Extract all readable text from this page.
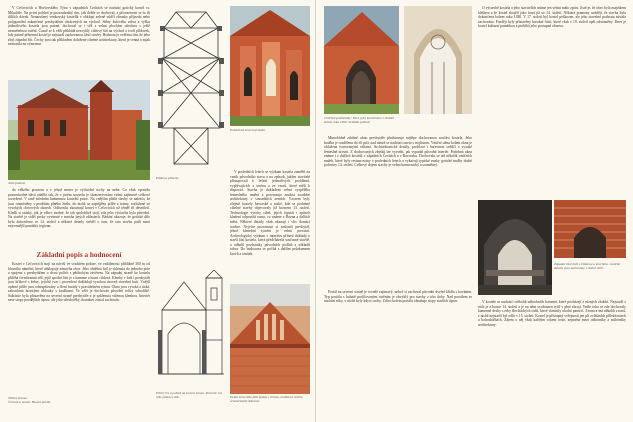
V Čečovicích u Horšovského Týna v západních Čechách se nachází gotický kostel sv. Mikuláše. Na první pohled je pozoruhodný tím, jak dobře se dochoval, a přirozenosti se tu tři dílčích dávek. Nenarušený venkovský kostelík v obklopí zeleně vůdčí obrazky příjezdu nebo polygonální zakončené presbytářem obrácených na východ. Stěny žulového zdiva a výšku jednotlivého kostela jsou patrné, dochoval se i věž s velmi plochým střechou s ještě nezměněnou ostění. Časně se k věži přikládá nezvyklý cihlový štít na východ a tvoří přídavek, kdy patrně přízemní kostel je nejstarší zachovanou částí stavby. Hodnota je ověřena tím, že jeho zbyl západní štít. Čechy jsou tak příkladem doložené cihelné architektury, která je cenná a nijak neztratila na významu.

Jižní pohled.

do velkého prostoru a v jehož mezer je východní sochy na nebe. Co však opravdu pozoruhodné dává zdařila tak, že v jiném sousedu je skonzervováno velmi zajímavé celkové rozvržení. V raně středním kamennou kostelní práce. Na vnějším plášti stavby se nalezlo, že jsou rozmístěny s použitím plného žezlu, do nichž se zapuštěny pilíře a trámy, rozložené ve vysokých chórových oknech. Odborníci zkoumají kostel v Čečovicích už téměř tři desetiletí. Kladli si otázky, jak je vůbec možné, že tak spolehlivě stojí, zda jeho výstavba byla původní. Na stavbě je vidět prvky vyvinuté v mnoha jiných oblastech. Bádání ukazuje, že gotické dílo bylo dokončeno ve 14. století a některé detaily svědčí o tom, že tato stavba patří mezi nejcennější památky regionu.

Základní popis a hodnocení

Kostel v Čečovicích stojí na návrší ve svažitém poloze, ve vzdálenosti přibližně 300 m od hlavního náměstí, které obklopuje zástavba obce. Jeho obdélná loď je sklenuta do jednoho pole a spojena s presbytářem o dvou polích s pětibokým závěrem. Na západní straně ke kostelu přiléhá čtverhranná věž, jejíž spodní část je z kamene a horní cihlová. Klenby v lodi i presbytáři jsou křížové s žebry, jejichž tvar i provedení dokládají vysokou úroveň stavební huti. Vnější opěrné pilíře jsou odstupňovány a člení fasády v pravidelném rytmu. Okna jsou vysoká a úzká, zakončená hrotitými oblouky s kružbami. Ve věži je dochován původní točitý schodiště. Sakristie byla přistavěna na severní straně presbytáře a je zaklenuta valenou klenbou. Interiér nese stopy pozdějších úprav, ale jeho středověký charakter zůstal zachován.

Titulní strana:
Čečovice, kostel. Hlavní portál.
Půdorys přízemí.
Pohled od severovýchodu.

V posledních letech se výzkum kostela zaměřil na vznik původního stavu a na způsob, jakým stavitelé přistupovali k řešení jednotlivých problémů, vyplývajících z terénu a ze vzorů, které měli k dispozici. Stavba je dokladem velmi vyspělého řemeslného umění a prozrazuje znalost soudobé architektury v sousedních zemích. Vzorem byly zřejmě kostely bavorské a saské, kde se podobné cihelné stavby objevovaly již koncem 13. století. Technologie výroby cihel, jejich formát i způsob kladení odpovídá tomu, co známe z Řezna a dalších měst. Některé detaily však ukazují i vliv domácí tradice. Nejvíce pozornosti si zaslouží presbytář, jehož klenební systém je velmi precizní. Archeologický výzkum v interiéru přinesl doklady o starší fázi kostela, která předcházela současné stavbě, a odhalil pozůstatky původních podlah a základů zdiva. Do budoucna se počítá s dalším průzkumem krovů a omítek.

Příčný řez a pohled na severní stranu. Pod ním: řez věží, půdorys věže.	Detail hrotu štítu jižní fasády s římsou, kružbou a vnitřní ornamentální dekorací.
Chórové pozůstatky: štít a jeho konstrukce z období kolem roku 1300. Zvláštní pohled.

Mimořádně zdobné okno presbytáře představuje nejlépe dochovanou součást kostela. Jeho kružba je rozdělena do tří polí, nad nimiž se nachází rozeta s trojlistem. Vnitřní stěna kolem okna je obložena tvarovanými cihlami. Architektonické detaily, profilace i barevnost svědčí o vysoké řemeslné úrovni. Z dochovaných zbytků lze vyvodit, jak vypadal původní interiér. Podobná okna známe i z dalších kostelů v západních Čechách a v Bavorsku. Dochovalo se též několik vnitřních maleb, které byly restaurovány v posledních letech a vykazují typické znaky gotické malby druhé poloviny 14. století. Celkový dojem stavby je velmi harmonický a souměrný.

Portál na severní straně je rovněž zajímavý, neboť si zachoval původní dveřní křídla s kováním. Typ portálu s bohatě profilovaným ostěním je obvyklý pro stavby z této doby. Nad portálem se nachází niky, v nichž byly kdysi sochy. Zdivo kolem portálu obsahuje stopy starších úprav.

O výstavbě kostela a jeho stavitelích máme jen velmi málo zpráv. Jisté je, že obec byla majetkem kláštera a že kostel sloužil jako farní již ve 14. století. Některé prameny uvádějí, že stavba byla dokončena kolem roku 1380. V 17. století byl kostel poškozen, ale jeho stavební podstata zůstala zachována. Později byly přistavěny barokní části, které však v 19. století opět odstraněny. Dnes je kostel kulturní památkou a probíhá jeho postupná obnova.

Západní část lodi s tribunou a kruchtou. Gotické detaily jsou zachovány v dobré míře.

V kostele se nachází i několik náhrobních kamenů, které pocházejí z různých období. Nejstarší z nich je z konce 14. století a je na něm vyobrazen rytíř v plné zbroji. Vedle toho se zde dochovaly kamenné desky s erby šlechtických rodů, které vlastnily okolní panství. Zvonice má několik zvonů, z nichž nejstarší byl odlit v 15. století. Kostel je přístupný veřejnosti jen při zvláštních příležitostech a bohoslužbách. Zájem o něj však každým rokem roste, zejména mezi odborníky a milovníky architektury.
